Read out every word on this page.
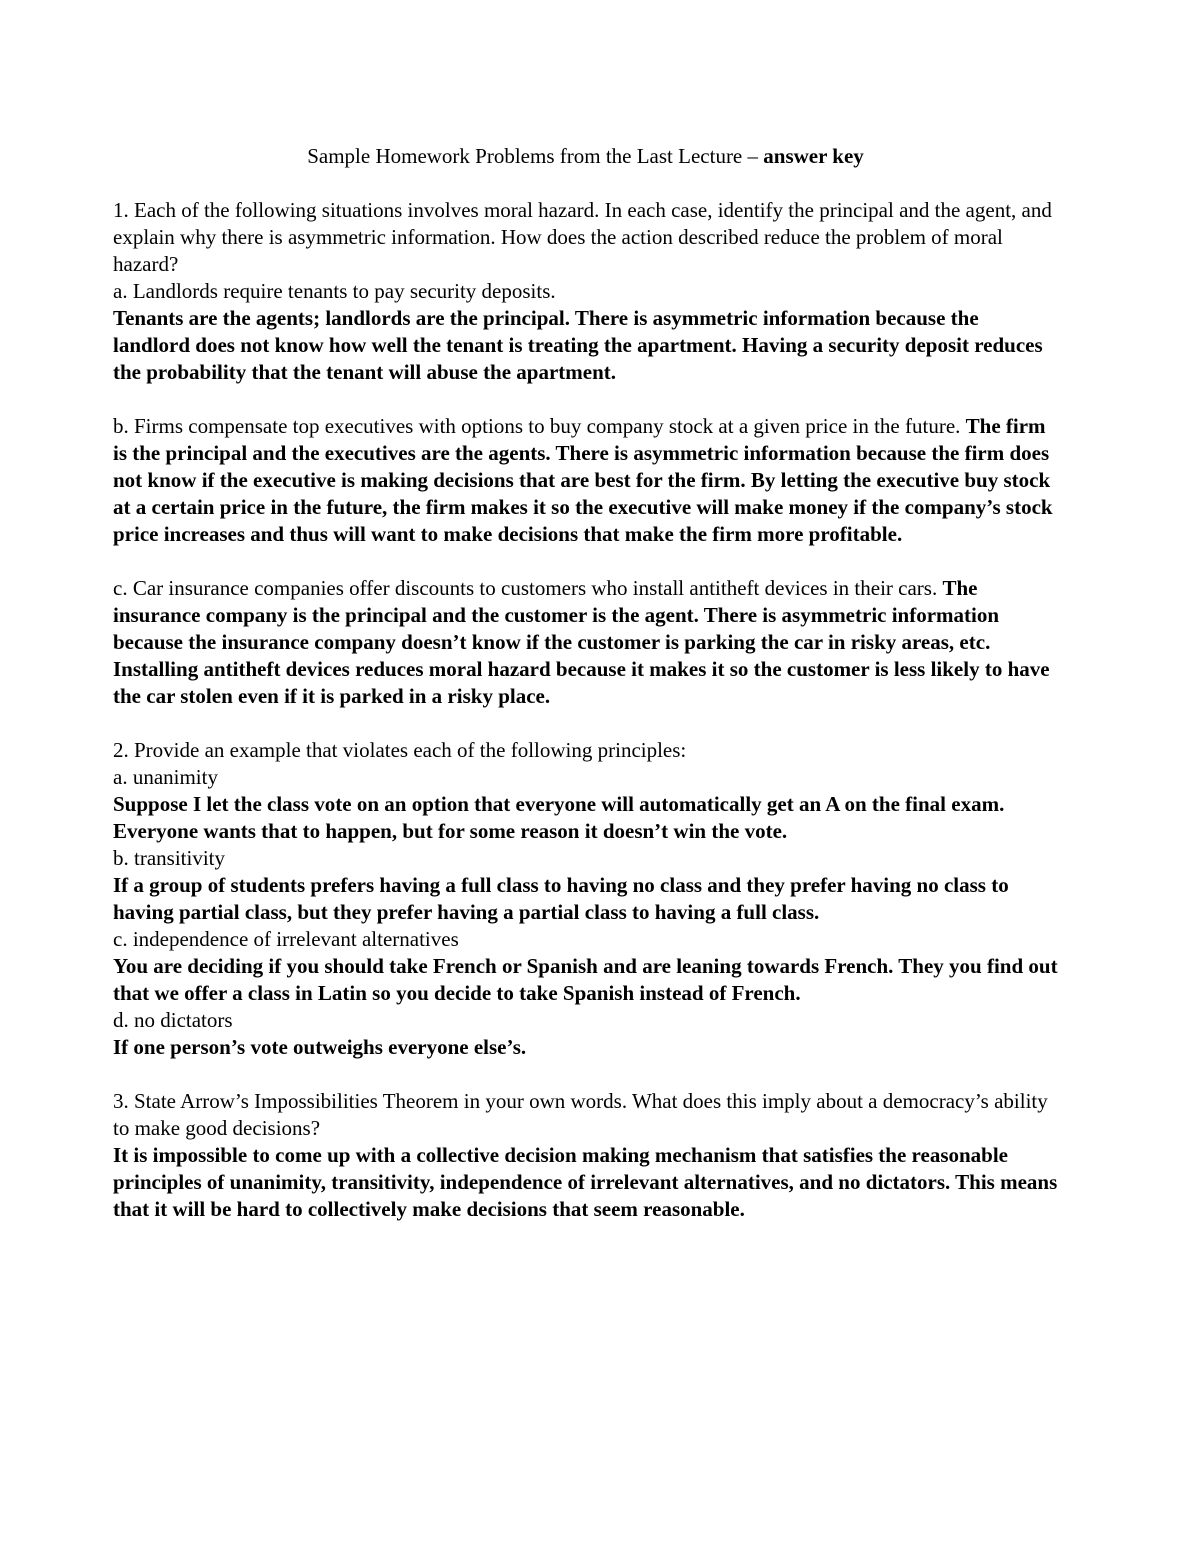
Sample Homework Problems from the Last Lecture – answer key

1. Each of the following situations involves moral hazard. In each case, identify the principal and the agent, and explain why there is asymmetric information. How does the action described reduce the problem of moral hazard?

a. Landlords require tenants to pay security deposits.

Tenants are the agents; landlords are the principal. There is asymmetric information because the landlord does not know how well the tenant is treating the apartment. Having a security deposit reduces the probability that the tenant will abuse the apartment.

b. Firms compensate top executives with options to buy company stock at a given price in the future. The firm is the principal and the executives are the agents. There is asymmetric information because the firm does not know if the executive is making decisions that are best for the firm. By letting the executive buy stock at a certain price in the future, the firm makes it so the executive will make money if the company’s stock price increases and thus will want to make decisions that make the firm more profitable.

c. Car insurance companies offer discounts to customers who install antitheft devices in their cars. The insurance company is the principal and the customer is the agent. There is asymmetric information because the insurance company doesn’t know if the customer is parking the car in risky areas, etc. Installing antitheft devices reduces moral hazard because it makes it so the customer is less likely to have the car stolen even if it is parked in a risky place.

2. Provide an example that violates each of the following principles:

a. unanimity

Suppose I let the class vote on an option that everyone will automatically get an A on the final exam. Everyone wants that to happen, but for some reason it doesn’t win the vote.

b. transitivity

If a group of students prefers having a full class to having no class and they prefer having no class to having partial class, but they prefer having a partial class to having a full class.

c. independence of irrelevant alternatives

You are deciding if you should take French or Spanish and are leaning towards French. They you find out that we offer a class in Latin so you decide to take Spanish instead of French.

d. no dictators

If one person’s vote outweighs everyone else’s.

3. State Arrow’s Impossibilities Theorem in your own words. What does this imply about a democracy’s ability to make good decisions?

It is impossible to come up with a collective decision making mechanism that satisfies the reasonable principles of unanimity, transitivity, independence of irrelevant alternatives, and no dictators. This means that it will be hard to collectively make decisions that seem reasonable.
